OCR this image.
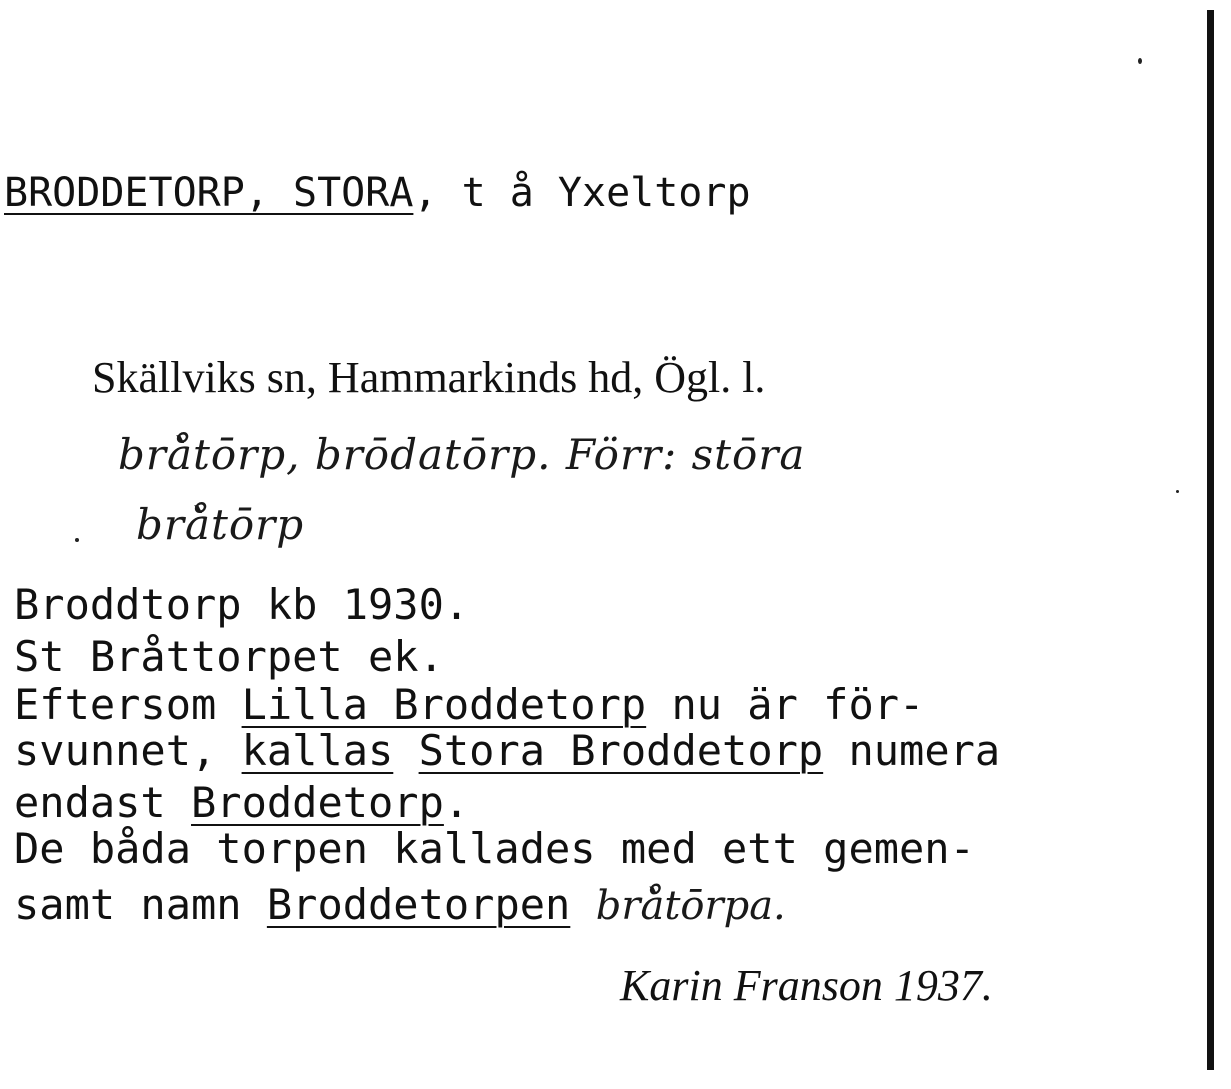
BRODDETORP, STORA, t å Yxeltorp
Skällviks sn, Hammarkinds hd, Ögl. l.
brå̀tōrp, brōdatōrp. Förr: stōra
brå̀tōrp
Broddtorp kb 1930.
St Bråttorpet ek.
Eftersom Lilla Broddetorp nu är för-
svunnet, kallas Stora Broddetorp numera
endast Broddetorp.
De båda torpen kallades med ett gemen-
samt namn Broddetorpen  brå̀tōrpa.
Karin Franson 1937.
